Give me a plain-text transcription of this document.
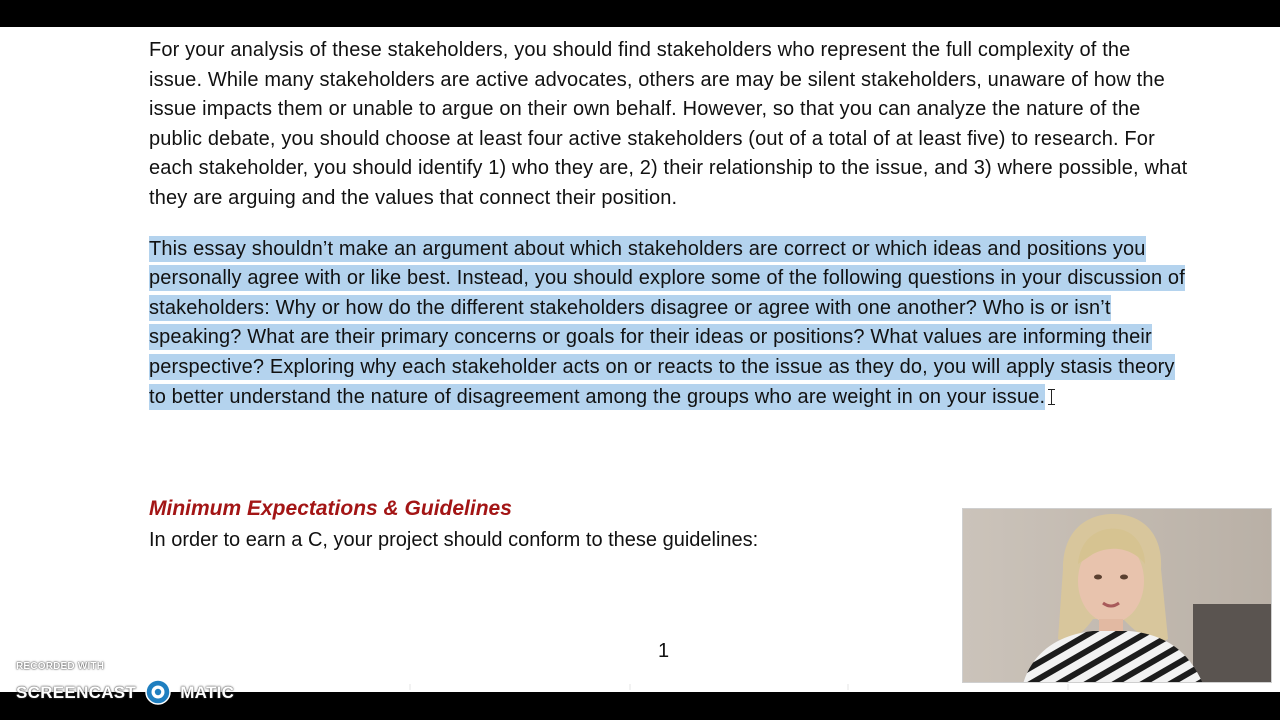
For your analysis of these stakeholders, you should find stakeholders who represent the full complexity of the issue. While many stakeholders are active advocates, others are may be silent stakeholders, unaware of how the issue impacts them or unable to argue on their own behalf. However, so that you can analyze the nature of the public debate, you should choose at least four active stakeholders (out of a total of at least five) to research. For each stakeholder, you should identify 1) who they are, 2) their relationship to the issue, and 3) where possible, what they are arguing and the values that connect their position.

This essay shouldn’t make an argument about which stakeholders are correct or which ideas and positions you personally agree with or like best. Instead, you should explore some of the following questions in your discussion of stakeholders: Why or how do the different stakeholders disagree or agree with one another? Who is or isn’t speaking? What are their primary concerns or goals for their ideas or positions? What values are informing their perspective? Exploring why each stakeholder acts on or reacts to the issue as they do, you will apply stasis theory to better understand the nature of disagreement among the groups who are weight in on your issue.

Minimum Expectations & Guidelines
In order to earn a C, your project should conform to these guidelines:
1
RECORDED WITH
SCREENCAST	MATIC
